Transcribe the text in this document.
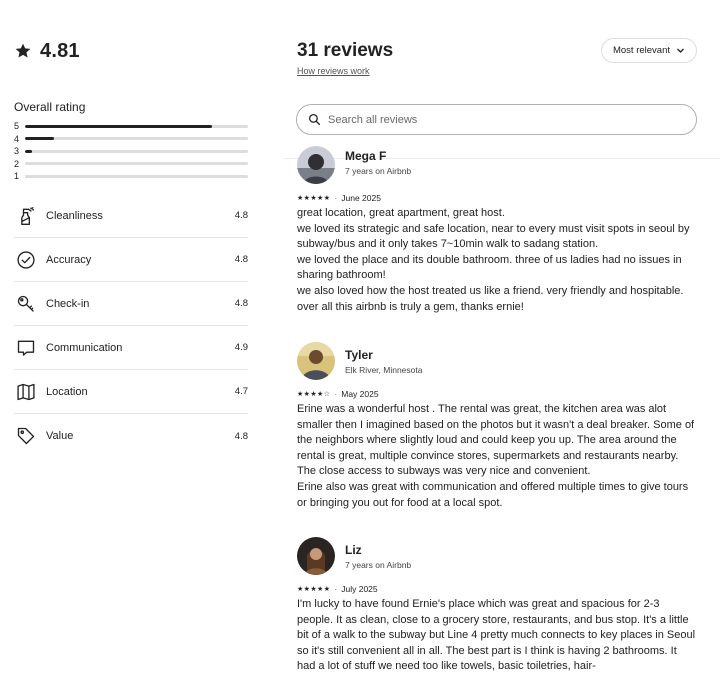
4.81
Overall rating
5
4
3
2
1
Cleanliness	4.8
Accuracy	4.8
Check-in	4.8
Communication	4.9
Location	4.7
Value	4.8
31 reviews
How reviews work
Most relevant
Search all reviews
Mega F
7 years on Airbnb
★★★★★ · June 2025
great location, great apartment, great host.
we loved its strategic and safe location, near to every must visit spots in seoul by subway/bus and it only takes 7~10min walk to sadang station.
we loved the place and its double bathroom. three of us ladies had no issues in sharing bathroom!
we also loved how the host treated us like a friend. very friendly and hospitable.
over all this airbnb is truly a gem, thanks ernie!
Tyler
Elk River, Minnesota
★★★★☆ · May 2025
Erine was a wonderful host . The rental was great, the kitchen area was alot smaller then I imagined based on the photos but it wasn't a deal breaker. Some of the neighbors where slightly loud and could keep you up. The area around the rental is great, multiple convince stores, supermarkets and restaurants nearby. The close access to subways was very nice and convenient.
Erine also was great with communication and offered multiple times to give tours or bringing you out for food at a local spot.
Liz
7 years on Airbnb
★★★★★ · July 2025
I'm lucky to have found Ernie's place which was great and spacious for 2-3 people. It as clean, close to a grocery store, restaurants, and bus stop. It's a little bit of a walk to the subway but Line 4 pretty much connects to key places in Seoul so it's still convenient all in all. The best part is I think is having 2 bathrooms. It had a lot of stuff we need too like towels, basic toiletries, hair-
